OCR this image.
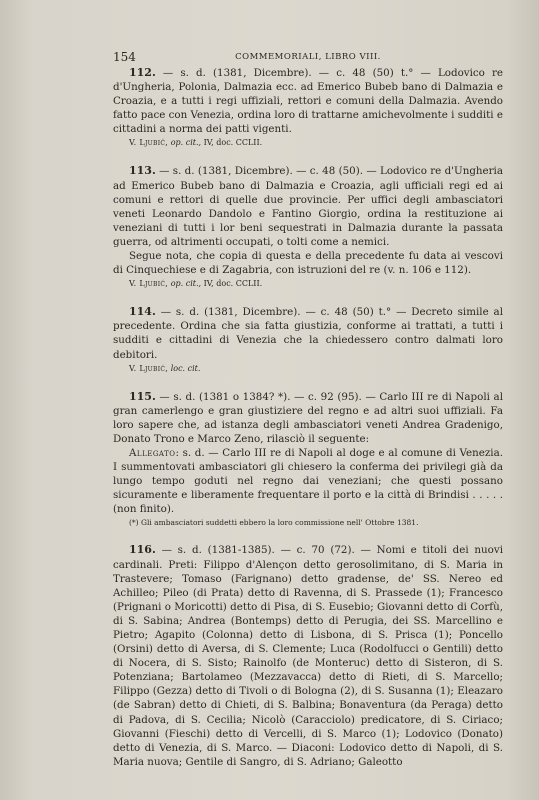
154	COMMEMORIALI, LIBRO VIII.

112. — s. d. (1381, Dicembre). — c. 48 (50) t.° — Lodovico re d'Ungheria, Polonia, Dalmazia ecc. ad Emerico Bubeb bano di Dalmazia e Croazia, e a tutti i regi uffiziali, rettori e comuni della Dalmazia. Avendo fatto pace con Venezia, ordina loro di trattarne amichevolmente i sudditi e cittadini a norma dei patti vigenti.

V. Ljubić, op. cit., IV, doc. CCLII.

113. — s. d. (1381, Dicembre). — c. 48 (50). — Lodovico re d'Ungheria ad Emerico Bubeb bano di Dalmazia e Croazia, agli ufficiali regi ed ai comuni e rettori di quelle due provincie. Per uffici degli ambasciatori veneti Leonardo Dandolo e Fantino Giorgio, ordina la restituzione ai veneziani di tutti i lor beni sequestrati in Dalmazia durante la passata guerra, od altrimenti occupati, o tolti come a nemici.

Segue nota, che copia di questa e della precedente fu data ai vescovi di Cinquechiese e di Zagabria, con istruzioni del re (v. n. 106 e 112).

V. Ljubić, op. cit., IV, doc. CCLII.

114. — s. d. (1381, Dicembre). — c. 48 (50) t.° — Decreto simile al precedente. Ordina che sia fatta giustizia, conforme ai trattati, a tutti i sudditi e cittadini di Venezia che la chiedessero contro dalmati loro debitori.

V. Ljubić, loc. cit.

115. — s. d. (1381 o 1384? *). — c. 92 (95). — Carlo III re di Napoli al gran camerlengo e gran giustiziere del regno e ad altri suoi uffiziali. Fa loro sapere che, ad istanza degli ambasciatori veneti Andrea Gradenigo, Donato Trono e Marco Zeno, rilasciò il seguente:

Allegato: s. d. — Carlo III re di Napoli al doge e al comune di Venezia. I summentovati ambasciatori gli chiesero la conferma dei privilegi già da lungo tempo goduti nel regno dai veneziani; che questi possano sicuramente e liberamente frequentare il porto e la città di Brindisi . . . . . (non finito).

(*) Gli ambasciatori suddetti ebbero la loro commissione nell' Ottobre 1381.

116. — s. d. (1381-1385). — c. 70 (72). — Nomi e titoli dei nuovi cardinali. Preti: Filippo d'Alençon detto gerosolimitano, di S. Maria in Trastevere; Tomaso (Farignano) detto gradense, de' SS. Nereo ed Achilleo; Pileo (di Prata) detto di Ravenna, di S. Prassede (1); Francesco (Prignani o Moricotti) detto di Pisa, di S. Eusebio; Giovanni detto di Corfù, di S. Sabina; Andrea (Bontemps) detto di Perugia, dei SS. Marcellino e Pietro; Agapito (Colonna) detto di Lisbona, di S. Prisca (1); Poncello (Orsini) detto di Aversa, di S. Clemente; Luca (Rodolfucci o Gentili) detto di Nocera, di S. Sisto; Rainolfo (de Monteruc) detto di Sisteron, di S. Potenziana; Bartolameo (Mezzavacca) detto di Rieti, di S. Marcello; Filippo (Gezza) detto di Tivoli o di Bologna (2), di S. Susanna (1); Eleazaro (de Sabran) detto di Chieti, di S. Balbina; Bonaventura (da Peraga) detto di Padova, di S. Cecilia; Nicolò (Caracciolo) predicatore, di S. Ciriaco; Giovanni (Fieschi) detto di Vercelli, di S. Marco (1); Lodovico (Donato) detto di Venezia, di S. Marco. — Diaconi: Lodovico detto di Napoli, di S. Maria nuova; Gentile di Sangro, di S. Adriano; Galeotto
